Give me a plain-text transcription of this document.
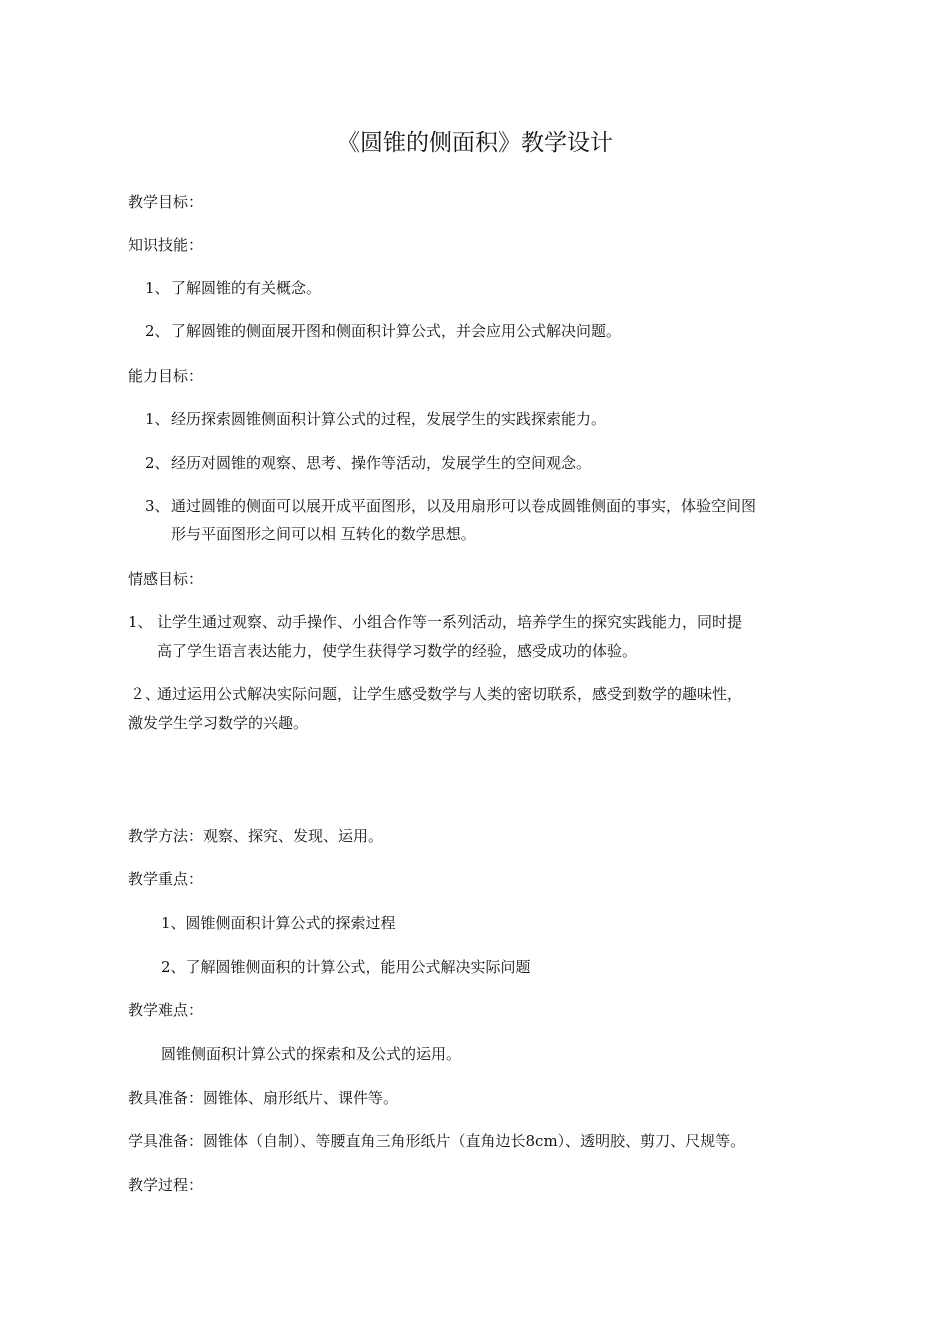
《圆锥的侧面积》教学设计
教学目标：
知识技能：
1、了解圆锥的有关概念。
2、了解圆锥的侧面展开图和侧面积计算公式，并会应用公式解决问题。
能力目标：
1、经历探索圆锥侧面积计算公式的过程，发展学生的实践探索能力。
2、经历对圆锥的观察、思考、操作等活动，发展学生的空间观念。
3、通过圆锥的侧面可以展开成平面图形，以及用扇形可以卷成圆锥侧面的事实，体验空间图
形与平面图形之间可以相 互转化的数学思想。
情感目标：
1、 让学生通过观察、动手操作、小组合作等一系列活动，培养学生的探究实践能力，同时提
高了学生语言表达能力，使学生获得学习数学的经验，感受成功的体验。
２、通过运用公式解决实际问题，让学生感受数学与人类的密切联系，感受到数学的趣味性，
激发学生学习数学的兴趣。
教学方法：观察、探究、发现、运用。
教学重点：
1、圆锥侧面积计算公式的探索过程
2、了解圆锥侧面积的计算公式，能用公式解决实际问题
教学难点：
圆锥侧面积计算公式的探索和及公式的运用。
教具准备：圆锥体、扇形纸片、课件等。
学具准备：圆锥体（自制）、等腰直角三角形纸片（直角边长8cm）、透明胶、剪刀、尺规等。
教学过程：
